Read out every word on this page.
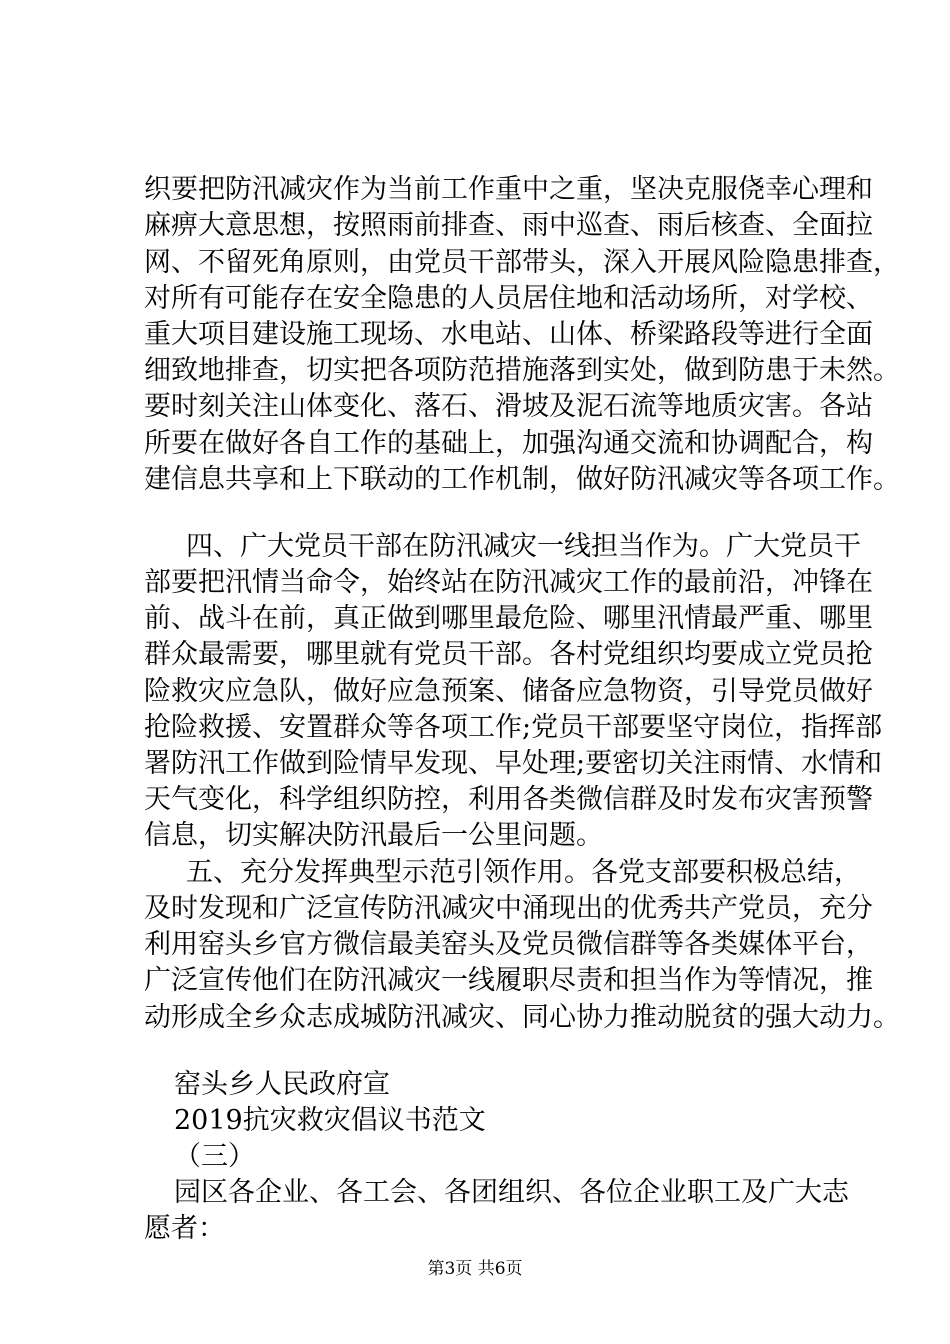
织要把防汛减灾作为当前工作重中之重，坚决克服侥幸心理和
麻痹大意思想，按照雨前排查、雨中巡查、雨后核查、全面拉
网、不留死角原则，由党员干部带头，深入开展风险隐患排查，
对所有可能存在安全隐患的人员居住地和活动场所，对学校、
重大项目建设施工现场、水电站、山体、桥梁路段等进行全面
细致地排查，切实把各项防范措施落到实处，做到防患于未然。
要时刻关注山体变化、落石、滑坡及泥石流等地质灾害。各站
所要在做好各自工作的基础上，加强沟通交流和协调配合，构
建信息共享和上下联动的工作机制，做好防汛减灾等各项工作。
四、广大党员干部在防汛减灾一线担当作为。广大党员干
部要把汛情当命令，始终站在防汛减灾工作的最前沿，冲锋在
前、战斗在前，真正做到哪里最危险、哪里汛情最严重、哪里
群众最需要，哪里就有党员干部。各村党组织均要成立党员抢
险救灾应急队，做好应急预案、储备应急物资，引导党员做好
抢险救援、安置群众等各项工作;党员干部要坚守岗位，指挥部
署防汛工作做到险情早发现、早处理;要密切关注雨情、水情和
天气变化，科学组织防控，利用各类微信群及时发布灾害预警
信息，切实解决防汛最后一公里问题。
五、充分发挥典型示范引领作用。各党支部要积极总结，
及时发现和广泛宣传防汛减灾中涌现出的优秀共产党员，充分
利用窑头乡官方微信最美窑头及党员微信群等各类媒体平台，
广泛宣传他们在防汛减灾一线履职尽责和担当作为等情况，推
动形成全乡众志成城防汛减灾、同心协力推动脱贫的强大动力。
窑头乡人民政府宣
2019抗灾救灾倡议书范文
（三）
园区各企业、各工会、各团组织、各位企业职工及广大志
愿者：
第3页 共6页
